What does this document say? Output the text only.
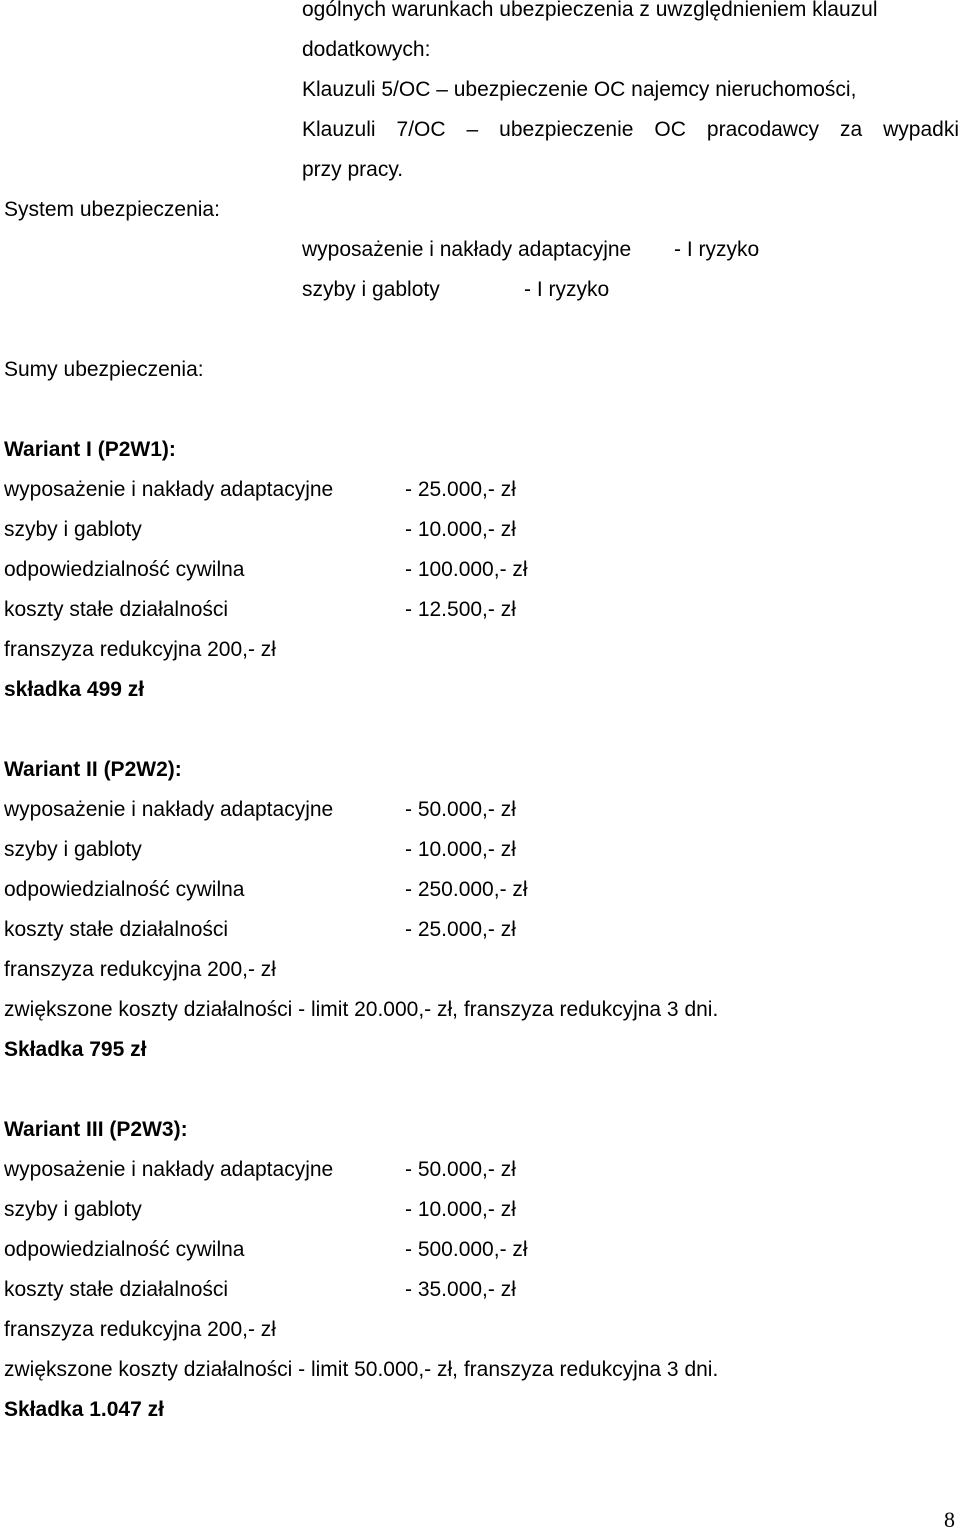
ogólnych warunkach ubezpieczenia z uwzględnieniem klauzul
dodatkowych:
Klauzuli 5/OC – ubezpieczenie OC najemcy nieruchomości,
Klauzuli 7/OC – ubezpieczenie OC pracodawcy za wypadki
przy pracy.
System ubezpieczenia:
wyposażenie i nakłady adaptacyjne - I ryzyko
szyby i gabloty	- I ryzyko
Sumy ubezpieczenia:
Wariant I (P2W1):
wyposażenie i nakłady adaptacyjne	- 25.000,- zł
szyby i gabloty	- 10.000,- zł
odpowiedzialność cywilna	- 100.000,- zł
koszty stałe działalności	- 12.500,- zł
franszyza redukcyjna 200,- zł
składka 499 zł
Wariant II (P2W2):
wyposażenie i nakłady adaptacyjne	- 50.000,- zł
szyby i gabloty	- 10.000,- zł
odpowiedzialność cywilna	- 250.000,- zł
koszty stałe działalności	- 25.000,- zł
franszyza redukcyjna 200,- zł
zwiększone koszty działalności - limit 20.000,- zł, franszyza redukcyjna 3 dni.
Składka 795 zł
Wariant III (P2W3):
wyposażenie i nakłady adaptacyjne	- 50.000,- zł
szyby i gabloty	- 10.000,- zł
odpowiedzialność cywilna	- 500.000,- zł
koszty stałe działalności	- 35.000,- zł
franszyza redukcyjna 200,- zł
zwiększone koszty działalności - limit 50.000,- zł, franszyza redukcyjna 3 dni.
Składka 1.047 zł
8
